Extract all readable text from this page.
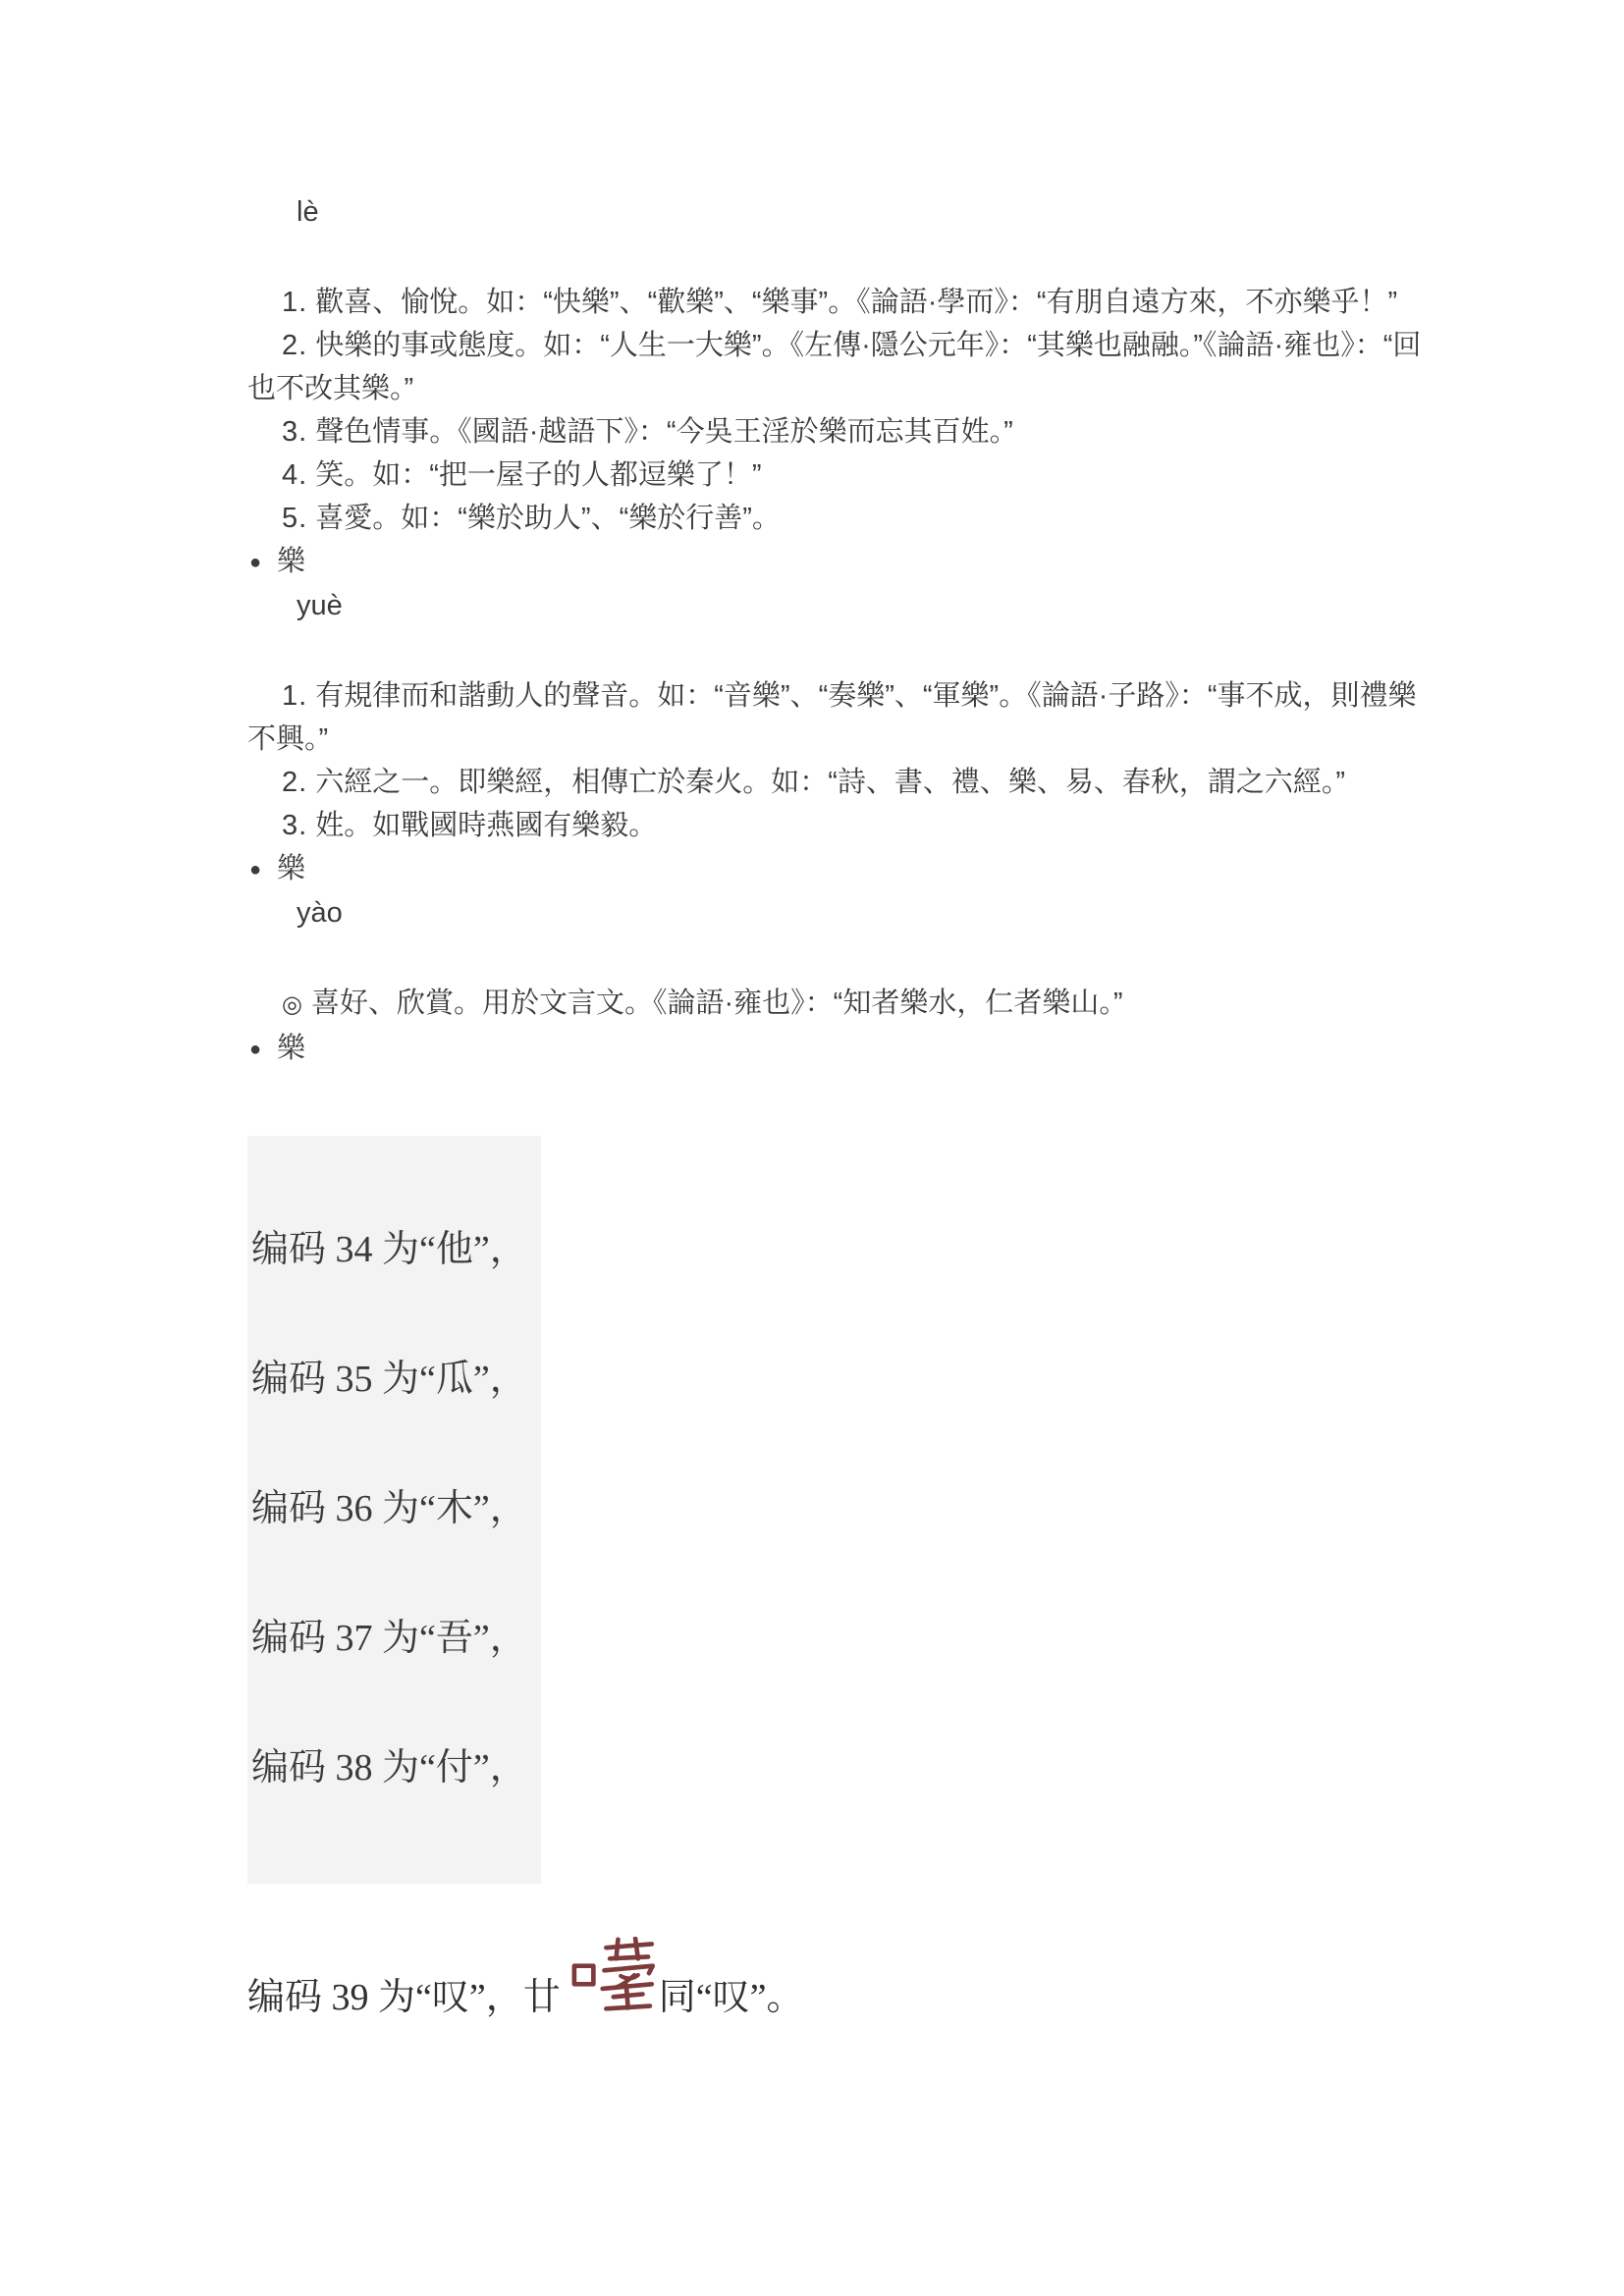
lè

1. 歡喜、愉悅。如：“快樂”、“歡樂”、“樂事”。《論語·學而》：“有朋自遠方來，不亦樂乎！”

2. 快樂的事或態度。如：“人生一大樂”。《左傳·隱公元年》：“其樂也融融。”《論語·雍也》：“回也不改其樂。”

3. 聲色情事。《國語·越語下》：“今吳王淫於樂而忘其百姓。”

4. 笑。如：“把一屋子的人都逗樂了！”

5. 喜愛。如：“樂於助人”、“樂於行善”。

● 樂

yuè

1. 有規律而和諧動人的聲音。如：“音樂”、“奏樂”、“軍樂”。《論語·子路》：“事不成，則禮樂不興。”

2. 六經之一。即樂經，相傳亡於秦火。如：“詩、書、禮、樂、易、春秋，謂之六經。”

3. 姓。如戰國時燕國有樂毅。

● 樂

yào

◎ 喜好、欣賞。用於文言文。《論語·雍也》：“知者樂水，仁者樂山。”

● 樂

编码 34 为“他”，

编码 35 为“瓜”，

编码 36 为“木”，

编码 37 为“吾”，

编码 38 为“付”，

编码 39 为“叹”，廿	同“叹”。
